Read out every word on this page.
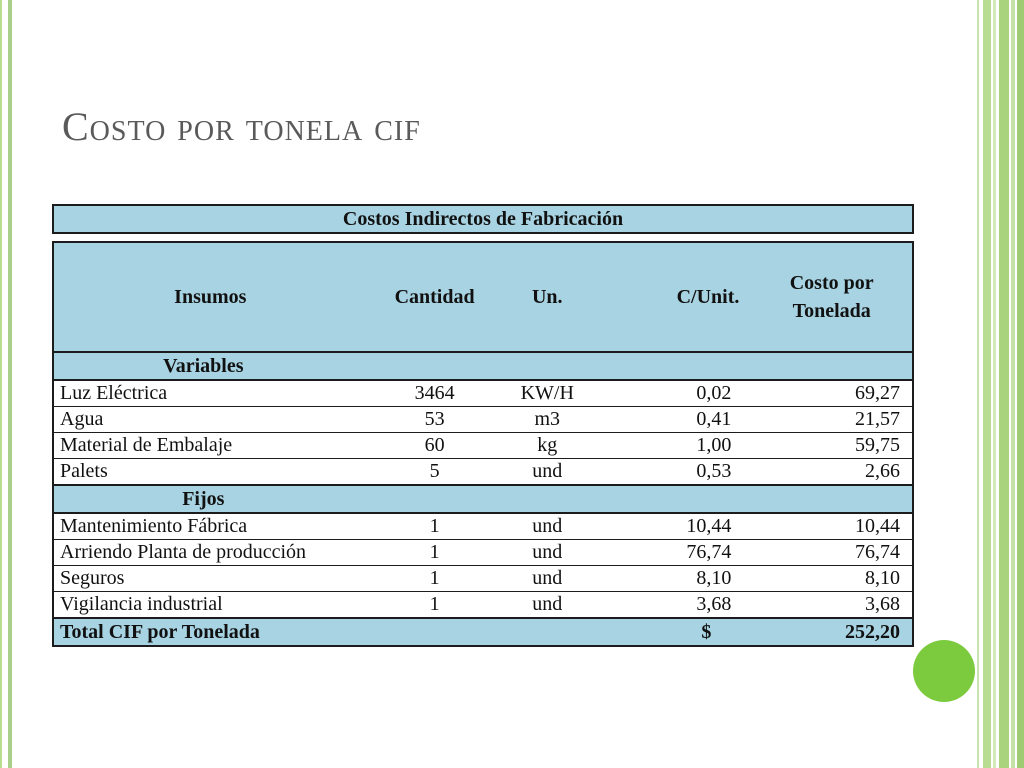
Costo por tonela cif
Costos Indirectos de Fabricación
Insumos	Cantidad	Un.	C/Unit.	Costo por Tonelada
Variables				
Luz Eléctrica	3464	KW/H	0,02	69,27
Agua	53	m3	0,41	21,57
Material de Embalaje	60	kg	1,00	59,75
Palets	5	und	0,53	2,66
Fijos				
Mantenimiento Fábrica	1	und	10,44	10,44
Arriendo Planta de producción	1	und	76,74	76,74
Seguros	1	und	8,10	8,10
Vigilancia industrial	1	und	3,68	3,68
Total CIF por Tonelada			$	252,20
